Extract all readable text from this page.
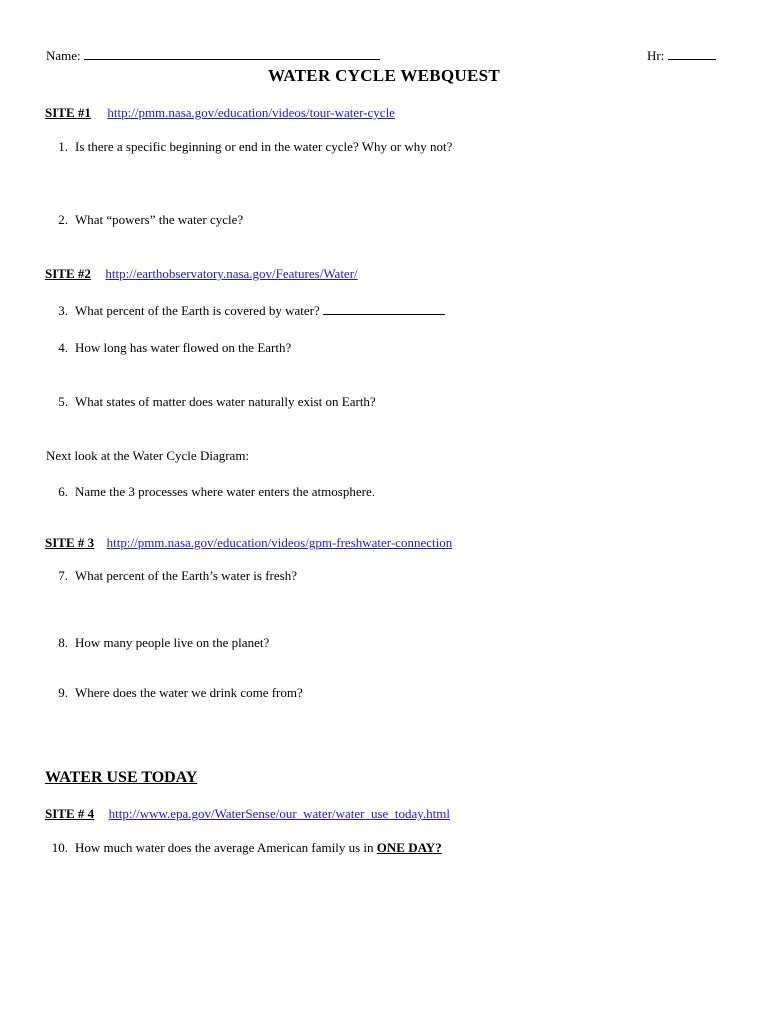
Name:	Hr:
WATER CYCLE WEBQUEST
SITE #1 http://pmm.nasa.gov/education/videos/tour-water-cycle
1. Is there a specific beginning or end in the water cycle? Why or why not?
2. What “powers” the water cycle?
SITE #2 http://earthobservatory.nasa.gov/Features/Water/
3. What percent of the Earth is covered by water?
4. How long has water flowed on the Earth?
5. What states of matter does water naturally exist on Earth?
Next look at the Water Cycle Diagram:
6. Name the 3 processes where water enters the atmosphere.
SITE # 3 http://pmm.nasa.gov/education/videos/gpm-freshwater-connection
7. What percent of the Earth’s water is fresh?
8. How many people live on the planet?
9. Where does the water we drink come from?
WATER USE TODAY
SITE # 4 http://www.epa.gov/WaterSense/our_water/water_use_today.html
10. How much water does the average American family us in ONE DAY?
